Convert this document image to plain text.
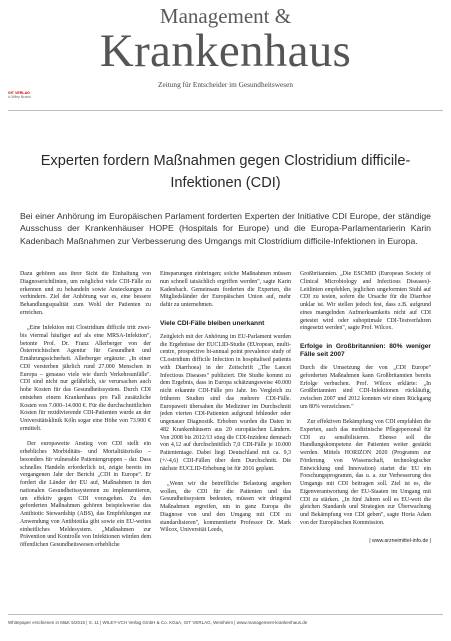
Management &
Krankenhaus
Zeitung für Entscheider im Gesundheitswesen
GIT VERLAG
A Wiley Brand
Experten fordern Maßnahmen gegen Clostridium difficile-Infektionen (CDI)
Bei einer Anhörung im Europäischen Parlament forderten Experten der Initiative CDI Europe, der ständige Ausschuss der Krankenhäuser HOPE (Hospitals for Europe) und die Europa-Parlamentarierin Karin Kadenbach Maßnahmen zur Verbesserung des Umgangs mit Clostridium difficile-Infektionen in Europa.

Dazu gehören aus ihrer Sicht die Einhaltung von Diagnoserichtlinien, um möglichst viele CDI-Fälle zu erkennen und zu behandeln sowie Ansteckungen zu verhindern. Ziel der Anhörung war es, eine bessere Behandlungsqualität zum Wohl der Patienten zu erreichen.

„Eine Infektion mit Clostridium difficile tritt zwei- bis viermal häufiger auf als eine MRSA-Infektion", betonte Prof. Dr. Franz Allerberger von der Österreichischen Agentur für Gesundheit und Ernährungssicherheit. Allerberger ergänzte: „In einer CDI versterben jährlich rund 27.000 Menschen in Europa – genauso viele wie durch Verkehrsunfälle". CDI sind nicht nur gefährlich, sie verursachen auch hohe Kosten für das Gesundheitssystem. Durch CDI entstehen einem Krankenhaus pro Fall zusätzliche Kosten von 7.000–14.000 €. Für die durchschnittlichen Kosten für rezidivierende CDI-Patienten wurde an der Universitätsklinik Köln sogar eine Höhe von 73.900 € ermittelt.

Der europaweite Anstieg von CDI stellt ein erhebliches Morbiditäts- und Mortalitätsrisiko – besonders für vulnerable Patientengruppen – dar. Dass schnelles Handeln erforderlich ist, zeigte bereits im vergangenen Jahr der Bericht „CDI in Europe". Er fordert die Länder der EU auf, Maßnahmen in den nationalen Gesundheitssystemen zu implementieren, um effektiv gegen CDI vorzugehen. Zu den geforderten Maßnahmen gehören beispielsweise das Antibiotic Stewardship (ABS), das Empfehlungen zur Anwendung von Antibiotika gibt sowie ein EU-weites einheitliches Meldesystem. „Maßnahmen zur Prävention und Kontrolle von Infektionen würden dem öffentlichen Gesundheitswesen erhebliche

Einsparungen einbringen; solche Maßnahmen müssen nun schnell tatsächlich ergriffen werden", sagte Karin Kadenbach. Gemeinsam forderten die Experten, die Mitgliedsländer der Europäischen Union auf, mehr dafür zu unternehmen.

Viele CDI-Fälle bleiben unerkannt

Zeitgleich mit der Anhörung im EU-Parlament wurden die Ergebnisse der EUCLID-Studie (EUropean, multi-centre, prospective bi-annual point prevalence study of CLostridium difficile Infection in hospitalised patients with Diarrhoea) in der Zeitschrift „The Lancet Infectious Diseases" publiziert. Die Studie kommt zu dem Ergebnis, dass in Europa schätzungsweise 40.000 nicht erkannte CDI-Fälle pro Jahr. Im Vergleich zu früheren Studien sind das mehrere CDI-Fälle. Europaweit übersahen die Mediziner im Durchschnitt jeden vierten CDI-Patienten aufgrund fehlender oder ungenauer Diagnostik. Erhoben wurden die Daten in 482 Krankenhäusern aus 20 europäischen Ländern. Von 2008 bis 2012/13 stieg die CDI-Inzidenz demnach von 4,12 auf durchschnittlich 7,0 CDI-Fälle je 10.000 Patiententage. Dabei liegt Deutschland mit ca. 9,3 (+/-4,6) CDI-Fällen über dem Durchschnitt. Die nächste EUCLID-Erhebung ist für 2016 geplant.

„Wenn wir die betreffliche Belastung angehen wollen, die CDI für die Patienten und das Gesundheitssystem bedeuten, müssen wir dringend Maßnahmen ergreifen, um in ganz Europa die Diagnose von und den Umgang mit CDI zu standardisieren", kommentierte Professor Dr. Mark Wilcox, Universität Leeds,

Großbritannien. „Die ESCMID (European Society of Clinical Microbiology and Infectious Diseases)-Leitlinien empfehlen, jeglichen ungeformten Stuhl auf CDI zu testen, sofern die Ursache für die Diarrhoe unklar ist. Wir stellen jedoch fest, dass z.B. aufgrund eines mangelnden Aufmerksamkeits nicht auf CDI getestet wird oder suboptimale CDI-Testverfahren eingesetzt werden", sagte Prof. Wilcox.

Erfolge in Großbritannien: 80% weniger Fälle seit 2007

Durch die Umsetzung der von „CDI Europe" geforderten Maßnahmen kann Großbritannien bereits Erfolge verbuchen. Prof. Wilcox erklärte: „In Großbritannien sind CDI-Infektionen rückläufig, zwischen 2007 und 2012 konnten wir einen Rückgang um 80% verzeichnen."

Zur effektiven Bekämpfung von CDI empfahlen die Experten, auch das medizinische Pflegepersonal für CDI zu sensibilisieren. Ebenso soll die Handlungskompetenz der Patienten weiter gestärkt werden. Mittels HORIZON 2020 (Programm zur Förderung von Wissenschaft, technologischer Entwicklung und Innovation) startet die EU ein Forschungsprogramm, das u. a. zur Verbesserung des Umgangs mit CDI beitragen soll. Ziel ist es, die Eigenverantwortung der EU-Staaten im Umgang mit CDI zu stärken. „In fünf Jahren soll es EU-weit die gleichen Standards und Strategien zur Überwachung und Bekämpfung von CDI geben", sagte Horia Adam von der Europäischen Kommission.

| www.arzneimittel-info.de |
Whitepaper erschienen in M&K 5/2015 | S. 11 | WILEY-VCH Verlag GmbH & Co. KGaA, GIT VERLAG, Weinheim | www.management-krankenhaus.de
